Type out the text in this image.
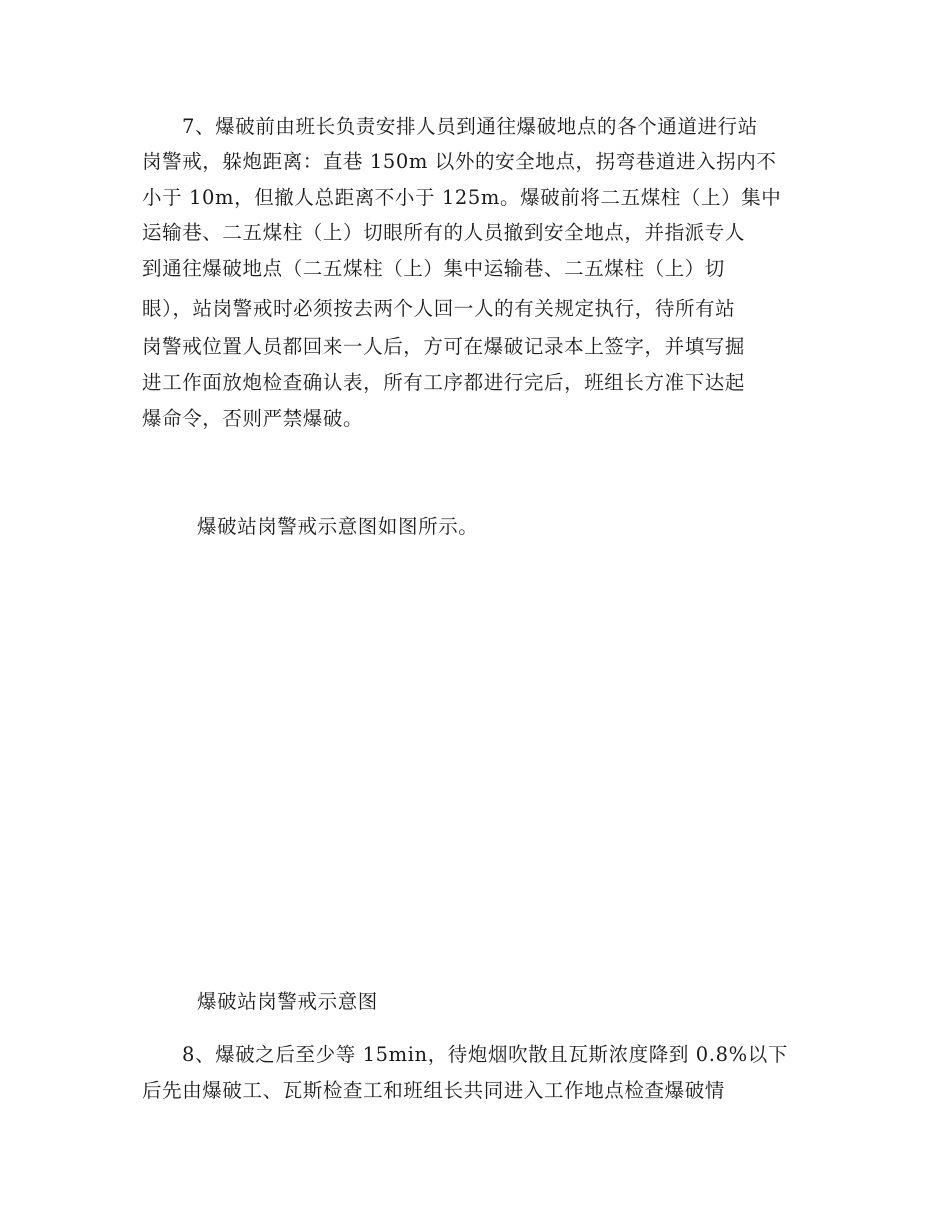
7、爆破前由班长负责安排人员到通往爆破地点的各个通道进行站
岗警戒，躲炮距离：直巷 150m 以外的安全地点，拐弯巷道进入拐内不
小于 10m，但撤人总距离不小于 125m。爆破前将二五煤柱（上）集中
运输巷、二五煤柱（上）切眼所有的人员撤到安全地点，并指派专人
到通往爆破地点（二五煤柱（上）集中运输巷、二五煤柱（上）切
眼），站岗警戒时必须按去两个人回一人的有关规定执行，待所有站
岗警戒位置人员都回来一人后，方可在爆破记录本上签字，并填写掘
进工作面放炮检查确认表，所有工序都进行完后，班组长方准下达起
爆命令，否则严禁爆破。
爆破站岗警戒示意图如图所示。
爆破站岗警戒示意图
8、爆破之后至少等 15min，待炮烟吹散且瓦斯浓度降到 0.8%以下
后先由爆破工、瓦斯检查工和班组长共同进入工作地点检查爆破情
